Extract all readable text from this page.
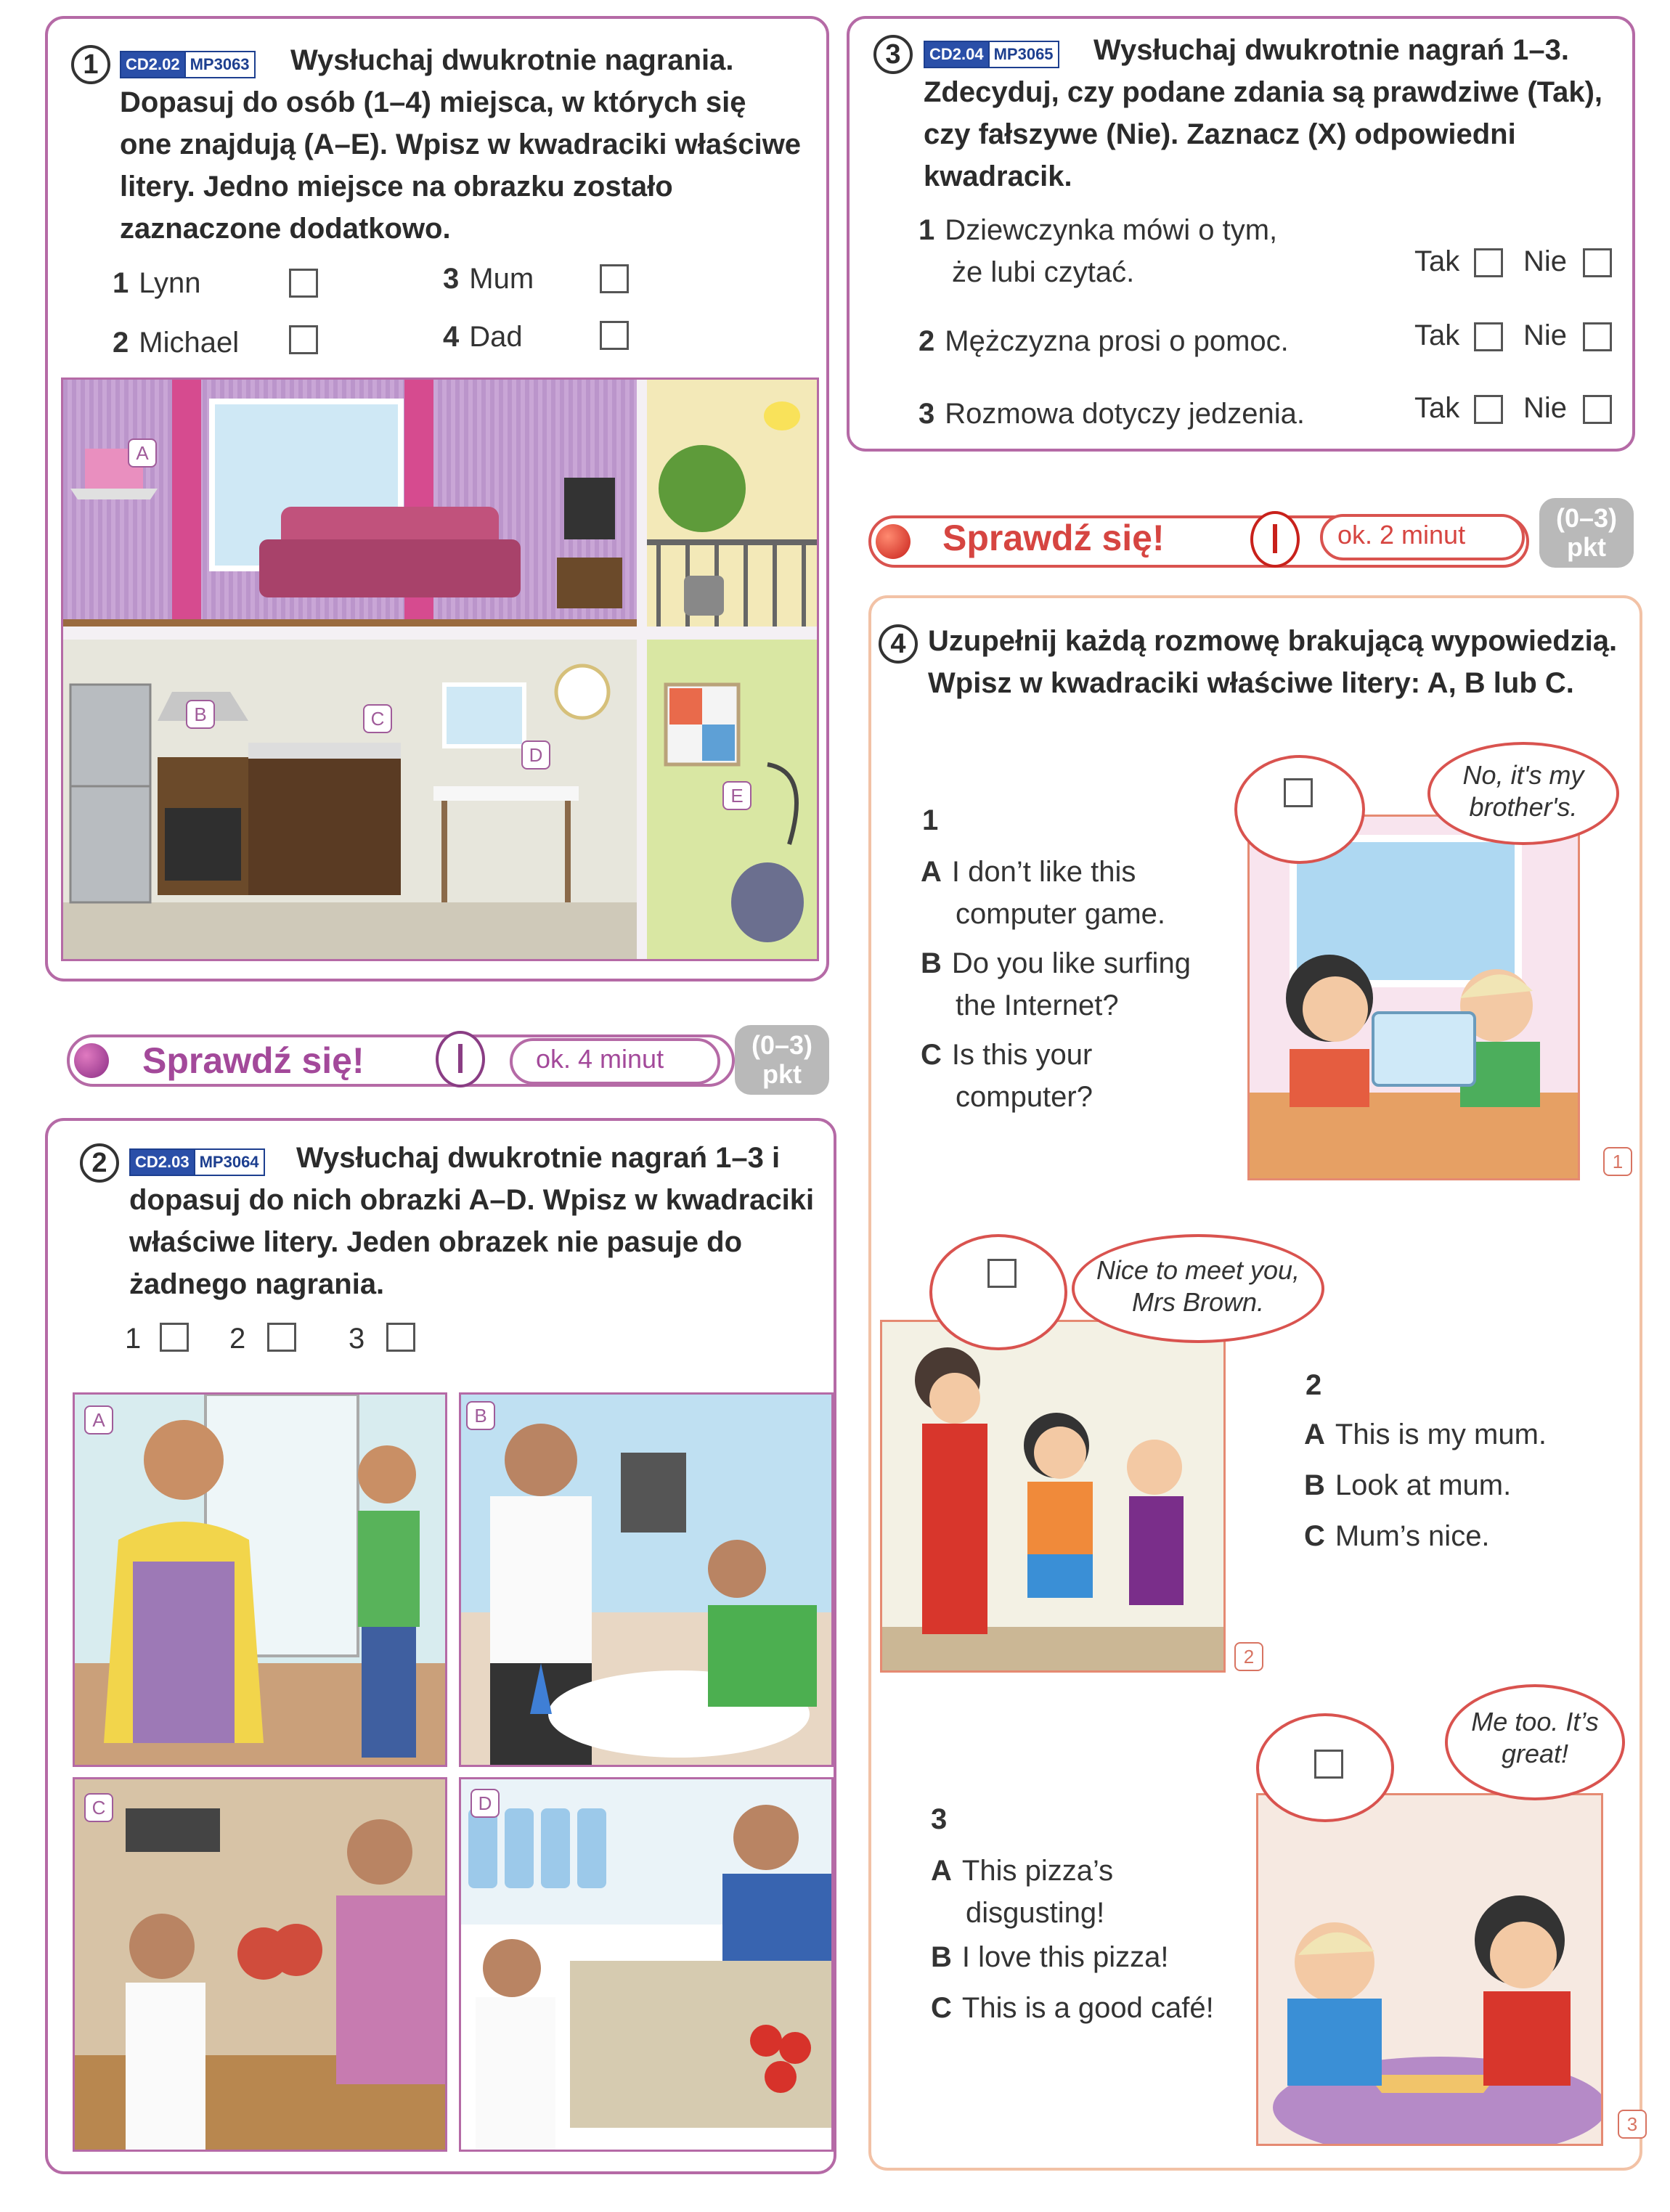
1	CD2.02 MP3063	Wysłuchaj dwukrotnie nagrania. Dopasuj do osób (1–4) miejsca, w których się one znajdują (A–E). Wpisz w kwadraciki właściwe litery. Jedno miejsce na obrazku zostało zaznaczone dodatkowo.
1 Lynn
2 Michael
3 Mum
4 Dad
A
B	C
D
E
Sprawdź się!	ok. 4 minut	(0–3)
pkt
2	CD2.03 MP3064	Wysłuchaj dwukrotnie nagrań 1–3 i dopasuj do nich obrazki A–D. Wpisz w kwadraciki właściwe litery. Jeden obrazek nie pasuje do żadnego nagrania.
1	2	3
A	B
C	D
3	CD2.04 MP3065	Wysłuchaj dwukrotnie nagrań 1–3. Zdecyduj, czy podane zdania są prawdziwe (Tak), czy fałszywe (Nie). Zaznacz (X) odpowiedni kwadracik.
1 Dziewczynka mówi o tym,
że lubi czytać.	Tak Nie
2 Mężczyzna prosi o pomoc.	Tak Nie
3 Rozmowa dotyczy jedzenia.	Tak Nie
Sprawdź się!	ok. 2 minut
(0–3)
pkt
4 Uzupełnij każdą rozmowę brakującą wypowiedzią. Wpisz w kwadraciki właściwe litery: A, B lub C.
1
A I don’t like this
computer game.
B Do you like surfing
the Internet?
C Is this your
computer?
No, it's my brother's.
1
Nice to meet you, Mrs Brown.
2
2
A This is my mum.
B Look at mum.
C Mum’s nice.
3
A This pizza’s
disgusting!
B I love this pizza!
C This is a good café!
Me too. It’s great!
3
